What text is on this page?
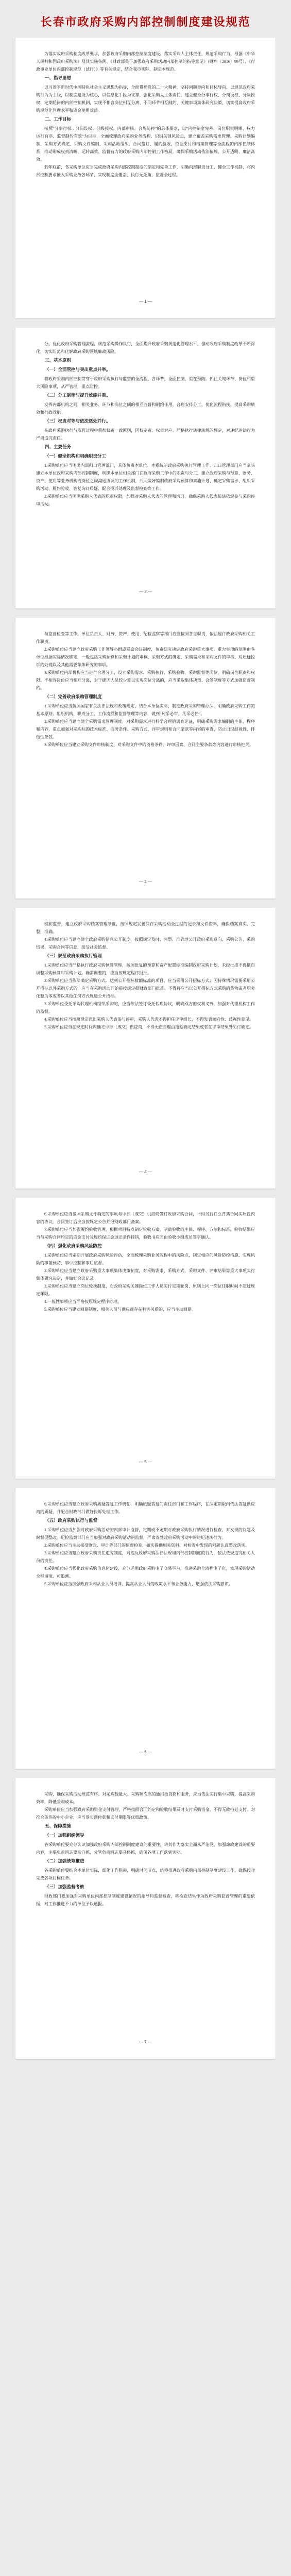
长春市政府采购内部控制制度建设规范

为落实政府采购制度改革要求，加强政府采购内部控制制度建设，落实采购人主体责任，规范采购行为，根据《中华人民共和国政府采购法》及其实施条例、《财政部关于加强政府采购活动内部控制的指导意见》（财库〔2016〕99号）、《行政事业单位内部控制规范（试行）》等有关规定，结合我市实际，制定本规范。

一、指导思想

以习近平新时代中国特色社会主义思想为指导，全面贯彻党的二十大精神，坚持问题导向和目标导向，以规范政府采购行为为主线，以制度建设为核心，以信息化手段为支撑，强化采购人主体责任，建立健全分事行权、分岗设权、分级授权、定期轮岗的内部控制机制，实现不相容岗位相互分离、不同环节相互制约、关键事项集体研究决策，切实提高政府采购规范化管理水平和资金使用效益。

二、工作目标

按照“分事行权、分岗设权、分级授权，内部审核、合规防控”的总体要求，以“内控制度完善、岗位职责明晰、权力运行有序、监督制约有效”为目标，全面梳理政府采购业务流程，识别关键风险点，建立覆盖采购需求管理、采购计划编制、采购方式确定、采购文件编制、采购活动组织、合同签订、履约验收、资金支付和档案管理等全流程的内部控制体系，推动形成权责清晰、运转高效、监督有力的政府采购内部控制工作格局，确保采购活动依法依规、公开透明、廉洁高效。

到年底前，各采购单位应当完成政府采购内部控制制度的制定和完善工作，明确内部职责分工，健全工作机制，将内部控制要求嵌入采购业务各环节，实现制度全覆盖、执行无死角、监督全过程。

— 1 —

分。优化政府采购管理流程，规范采购操作执行，全面提升政府采购规范化管理水平，推动政府采购制度改革不断深化，切实防范和化解政府采购领域廉政风险。

三、基本原则

（一）全面管控与突出重点并举。

将政府采购内部控制贯穿于政府采购执行与监管的全流程、各环节，全面控制，重在预防。抓住关键环节、岗位和重大风险事项，从严管理，重点防控。

（二）分工制衡与提升效能并重。

发挥内部机构之间，相关业务、环节和岗位之间的相互监督和制约作用，合理安排分工，优化流程衔接，提高采购绩效和行政效能。

（三）权责对等与依法惩处并行。

在政府采购执行与监管过程中贯彻权责一致原则，因权定责、权责对应。严格执行法律法规的规定，对违纪违法行为严肃追究责任。

四、主要任务

（一）健全机构和明确职责分工

1.采购单位应当明确内部归口管理部门，具体负责本单位、本系统的政府采购执行管理工作。归口管理部门应当牵头建立本单位政府采购内部控制制度，明确本单位相关部门在政府采购工作中的职责与分工，建立政府采购与预算、财务、资产、使用等业务机构或岗位之间沟通协调的工作机制，共同做好编制政府采购预算和实施计划、确定采购需求、组织采购活动、履约验收、答复询问质疑、配合投诉处理及监督检查等工作。

2.采购单位应当明确采购人代表的职责权限，加强对采购人代表的管理和培训，确保采购人代表依法依规参与采购评审活动。

— 2 —

与监督检查等工作。单位负责人、财务、资产、使用、纪检监察等部门应当按照各自职责，依法履行政府采购相关工作职责。

2.采购单位应当建立政府采购工作领导小组或联席会议制度，负责研究决定政府采购重大事项。重大事项的范围由各单位根据实际情况确定，一般包括采购预算和采购计划的审核、采购方式的确定、采购需求和采购文件的审核、对质疑投诉的处理以及其他需要集体研究的事项。

3.采购单位内部机构应当进行合理分工，设立采购需求、采购执行、采购验收、采购监督等岗位，明确岗位职责和权限。不相容岗位应当相互分离，对于确因人员较少难以实现岗位分离的，应当采取集体决策、会签制度等方式加强监督制约。

（二）完善政府采购管理制度

1.采购单位应当按照国家有关法律法规和政策规定，结合本单位实际，制定政府采购管理办法，明确政府采购工作的基本原则、组织机构、职责分工、工作流程和监督管理等内容，做到“凡采必审、凡采必控”。

2.采购单位应当建立健全采购需求管理制度，对采购需求进行科学合理的调查论证，明确采购需求编制的主体、程序和内容，重点加强对采购标的技术标准、商务条件、采购方式、评审规则和合同条款等内容的审查，防止出现歧视性、排他性条款。

3.采购单位应当建立采购文件审核制度，对采购文件中的资格条件、评审因素、合同主要条款等内容进行审核把关。

— 3 —

理和监督，建立政府采购档案管理制度，按照规定妥善保存采购活动全过程的记录和文件资料，确保档案真实、完整、准确。

4.采购单位应当建立健全政府采购信息公开制度，按照规定及时、完整、准确地公开政府采购意向、采购公告、采购结果、采购合同等信息，接受社会监督。

（三）规范政府采购执行管理

1.采购单位应当严格执行政府采购预算管理，按照批复的预算和资产配置标准编制政府采购计划，未经批准不得擅自调整采购预算和采购计划。确需调整的，应当按规定程序报批。

2.采购单位应当依法确定采购方式。达到公开招标数额标准的项目，应当采用公开招标方式；因特殊情况需要采用公开招标以外采购方式的，应当在采购活动开始前按规定报财政部门批准。不得将应当以公开招标方式采购的货物或者服务化整为零或者以其他任何方式规避公开招标。

3.采购单位委托采购代理机构组织采购的，应当依法签订委托代理协议，明确双方的权利义务，加强对代理机构工作的监督。

4.采购单位应当按照规定派出采购人代表参与评审，采购人代表不得担任评审组长，不得发表倾向性、歧视性意见。

5.采购单位应当在规定时间内确定中标（成交）供应商，不得无正当理由拖延确定结果或者在评审结果外另行确定。

— 4 —

6.采购单位应当按照采购文件确定的事项与中标（成交）供应商签订政府采购合同，不得另行订立背离合同实质性内容的协议。合同签订后应当按规定公告并报财政部门备案。

7.采购单位应当加强履约验收管理，根据项目特点制定验收方案，明确验收的主体、程序、方法和标准。验收结果应当与采购合同约定的资金支付及履约保证金返还条件挂钩，验收书应当由验收小组成员签字确认。

（四）强化政府采购风险防控

1.采购单位应当定期开展政府采购风险评估，全面梳理采购业务流程中的风险点，制定相应的风险防控措施，实现风险的事前预防、事中控制和事后监督。

2.采购单位应当建立政府采购重大事项集体决策制度，对采购需求、采购方式、采购文件、评审结果等重大事项实行集体研究决定，并做好会议记录。

3.采购单位应当建立岗位轮换制度，对政府采购关键岗位工作人员实行定期轮岗，原则上同一岗位任职时间不超过规定年限。

4.一般性事项应当严格按照规定程序办理。

5.采购单位应当建立回避制度，相关人员与供应商存在利害关系的，应当主动回避。

— 5 —

6.采购单位应当建立政府采购质疑答复工作机制，明确质疑答复的责任部门和工作程序，在法定期限内依法答复供应商的质疑，并配合财政部门做好投诉处理工作。

（五）政府采购执行与监督

1.采购单位应当加强对政府采购活动的内部审计监督，定期或不定期对政府采购执行情况进行检查，对发现的问题及时督促整改。纪检监察部门应当加强对政府采购活动的监督，严肃查处政府采购活动中的违纪违法行为。

2.采购单位应当主动接受财政、审计等部门的监督检查，如实提供相关资料，对检查中发现的问题认真整改落实。

3.采购单位应当建立政府采购责任追究制度，对违反政府采购法律法规和内部控制制度的行为，依法依规追究相关人员的责任。

4.采购单位应当强化政府采购信息化建设，充分运用政府采购电子交易平台，推进采购全流程电子化，实现采购活动全程留痕、可追溯。

5.采购单位应当加强政府采购从业人员培训，提高从业人员的政策水平和业务能力，增强依法采购意识。

— 6 —

采购，确保采购活动规范有序。对采购数量大、采购频次高的通用类货物和服务，应当依法实行集中采购，提高采购效率，降低采购成本。

采购单位应当加强政府采购资金支付管理，严格按照合同约定和验收结果及时支付采购资金，不得无故拖延支付。对符合条件的中小企业，应当落实预付款和支付期限等优惠政策。

五、保障措施

（一）加强组织领导

各采购单位要充分认识加强政府采购内部控制制度建设的重要性，将其作为落实全面从严治党、加强廉政建设的重要内容，主要负责同志要亲自抓，分管负责同志要具体抓，确保各项工作落到实处。

（二）加强统筹推进

各采购单位要结合本单位实际，细化工作措施，明确时间节点，统筹推进政府采购内部控制制度建设工作，确保按时完成各项目标任务。

（三）加强监督考核

财政部门要加强对采购单位内部控制制度建设情况的指导和监督检查，将检查结果作为政府采购监督管理的重要依据，对工作推进不力的单位予以通报。

— 7 —
